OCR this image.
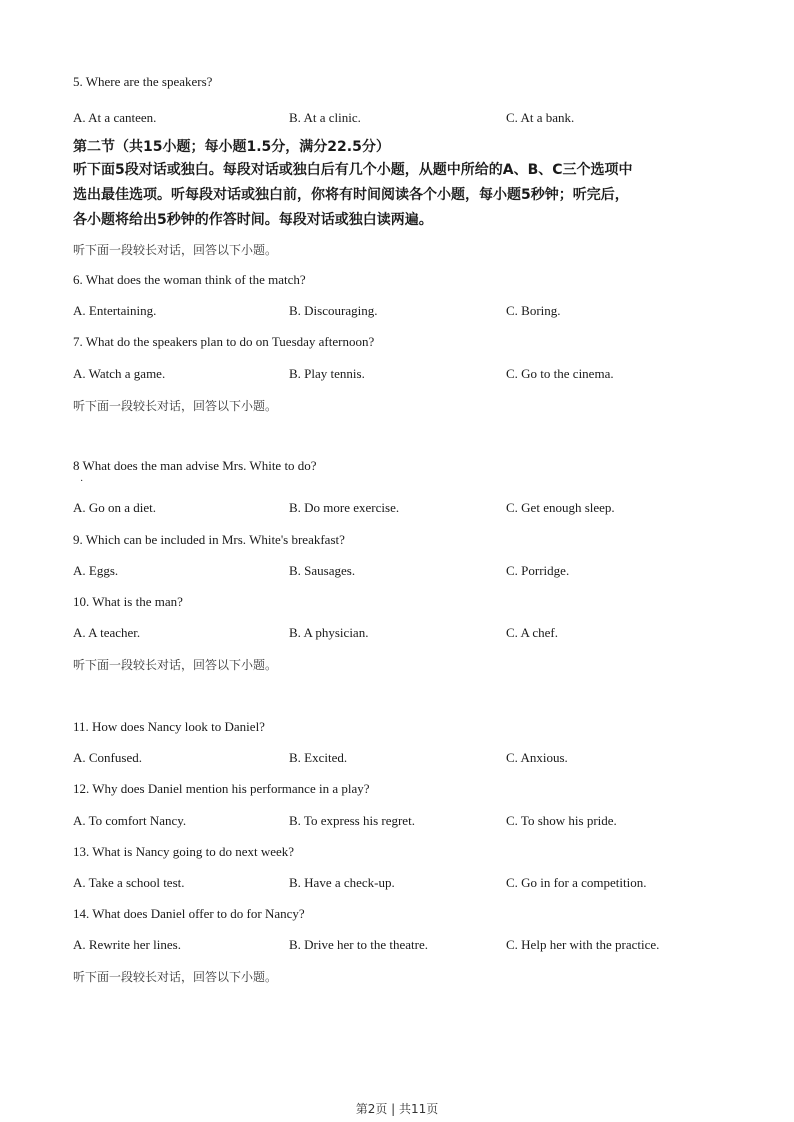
5. Where are the speakers?
A. At a canteen.	B. At a clinic.	C. At a bank.
第二节（共15小题；每小题1.5分，满分22.5分）
听下面5段对话或独白。每段对话或独白后有几个小题，从题中所给的A、B、C三个选项中
选出最佳选项。听每段对话或独白前，你将有时间阅读各个小题，每小题5秒钟；听完后，
各小题将给出5秒钟的作答时间。每段对话或独白读两遍。
听下面一段较长对话，回答以下小题。
6. What does the woman think of the match?
A. Entertaining.	B. Discouraging.	C. Boring.
7. What do the speakers plan to do on Tuesday afternoon?
A. Watch a game.	B. Play tennis.	C. Go to the cinema.
听下面一段较长对话，回答以下小题。
8 What does the man advise Mrs. White to do?
·
A. Go on a diet.	B. Do more exercise.	C. Get enough sleep.
9. Which can be included in Mrs. White's breakfast?
A. Eggs.	B. Sausages.	C. Porridge.
10. What is the man?
A. A teacher.	B. A physician.	C. A chef.
听下面一段较长对话，回答以下小题。
11. How does Nancy look to Daniel?
A. Confused.	B. Excited.	C. Anxious.
12. Why does Daniel mention his performance in a play?
A. To comfort Nancy.	B. To express his regret.	C. To show his pride.
13. What is Nancy going to do next week?
A. Take a school test.	B. Have a check-up.	C. Go in for a competition.
14. What does Daniel offer to do for Nancy?
A. Rewrite her lines.	B. Drive her to the theatre.	C. Help her with the practice.
听下面一段较长对话，回答以下小题。
第2页 | 共11页
